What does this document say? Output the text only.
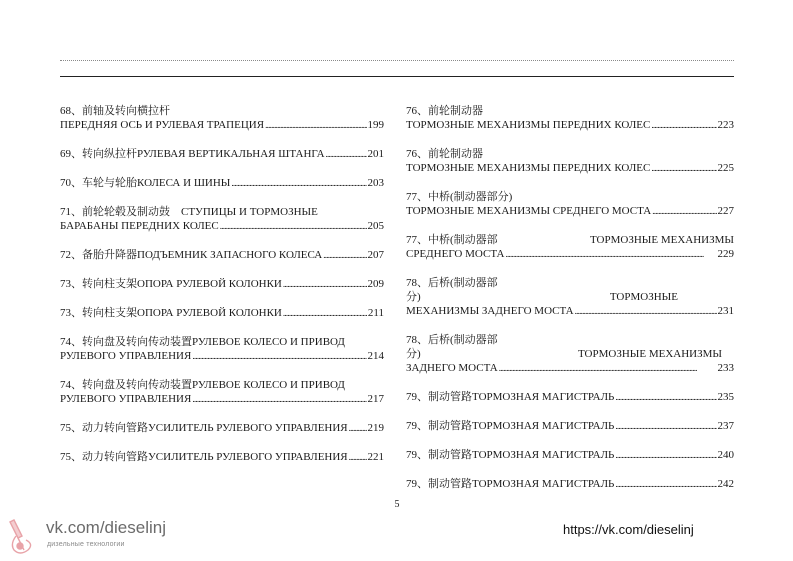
68、前轴及转向横拉杆
ПЕРЕДНЯЯ ОСЬ И РУЛЕВАЯ ТРАПЕЦИЯ . . .	199
69、转向纵拉杆РУЛЕВАЯ ВЕРТИКАЛЬНАЯ ШТАНГА . . .	201
70、车轮与轮胎КОЛЕСА И ШИНЫ . . .	203
71、前轮轮毂及制动鼓    СТУПИЦЫ И ТОРМОЗНЫЕ
БАРАБАНЫ ПЕРЕДНИХ КОЛЕС . . .	205
72、备胎升降器ПОДЪЕМНИК ЗАПАСНОГО КОЛЕСА . . .	207
73、转向柱支架ОПОРА РУЛЕВОЙ КОЛОНКИ . . .	209
73、转向柱支架ОПОРА РУЛЕВОЙ КОЛОНКИ . . .	211
74、转向盘及转向传动装置РУЛЕВОЕ КОЛЕСО И ПРИВОД
РУЛЕВОГО УПРАВЛЕНИЯ . . .	214
74、转向盘及转向传动装置РУЛЕВОЕ КОЛЕСО И ПРИВОД
РУЛЕВОГО УПРАВЛЕНИЯ . . .	217
75、动力转向管路УСИЛИТЕЛЬ РУЛЕВОГО УПРАВЛЕНИЯ . . . 219
75、动力转向管路УСИЛИТЕЛЬ РУЛЕВОГО УПРАВЛЕНИЯ . . . 221
76、前轮制动器
ТОРМОЗНЫЕ МЕХАНИЗМЫ ПЕРЕДНИХ КОЛЕС . . .	223
76、前轮制动器
ТОРМОЗНЫЕ МЕХАНИЗМЫ ПЕРЕДНИХ КОЛЕС . . .	225
77、中桥(制动器部分)
ТОРМОЗНЫЕ МЕХАНИЗМЫ СРЕДНЕГО МОСТА . . .	227
77、中桥(制动器部	ТОРМОЗНЫЕ МЕХАНИЗМЫ
СРЕДНЕГО МОСТА . . .	229
78、后桥(制动器部
分)	ТОРМОЗНЫЕ
МЕХАНИЗМЫ ЗАДНЕГО МОСТА . . .	231
78、后桥(制动器部
分)	ТОРМОЗНЫЕ МЕХАНИЗМЫ
ЗАДНЕГО МОСТА . . .	233
79、制动管路ТОРМОЗНАЯ МАГИСТРАЛЬ . . .	235
79、制动管路ТОРМОЗНАЯ МАГИСТРАЛЬ . . .	237
79、制动管路ТОРМОЗНАЯ МАГИСТРАЛЬ . . .	240
79、制动管路ТОРМОЗНАЯ МАГИСТРАЛЬ . . .	242
5
vk.com/dieselinj
дизельные технологии
https://vk.com/dieselinj
